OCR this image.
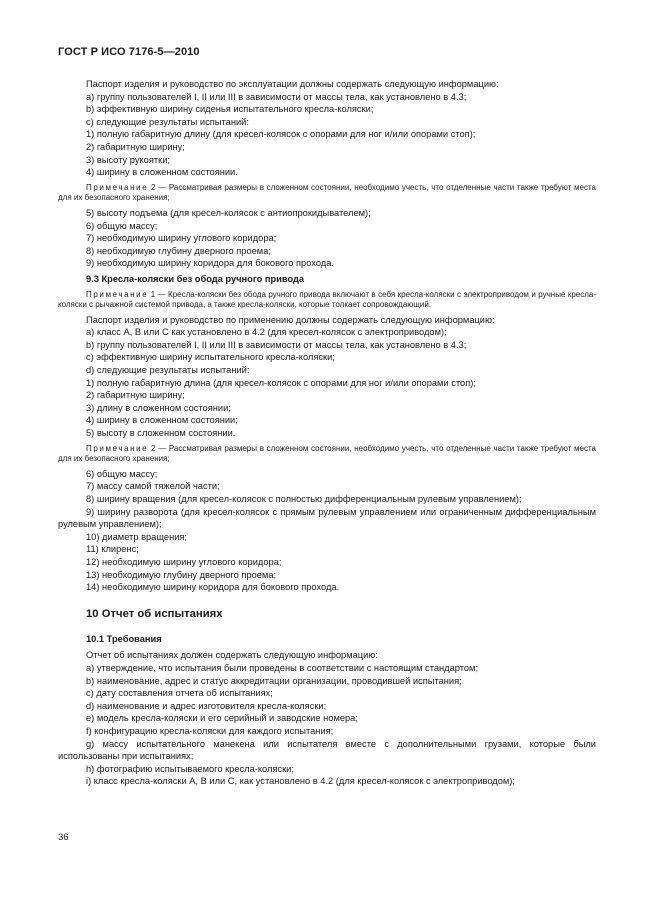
ГОСТ Р ИСО 7176-5—2010

Паспорт изделия и руководство по эксплуатации должны содержать следующую информацию:

a) группу пользователей I, II или III в зависимости от массы тела, как установлено в 4.3;

b) эффективную ширину сиденья испытательного кресла-коляски;

c) следующие результаты испытаний:

1) полную габаритную длину (для кресел-колясок с опорами для ног и/или опорами стоп);

2) габаритную ширину;

3) высоту рукоятки;

4) ширину в сложенном состоянии.

Примечание 2 — Рассматривая размеры в сложенном состоянии, необходимо учесть, что отделенные части также требуют места для их безопасного хранения;

5) высоту подъема (для кресел-колясок с антиопрокидывателем);

6) общую массу;

7) необходимую ширину углового коридора;

8) необходимую глубину дверного проема;

9) необходимую ширину коридора для бокового прохода.

9.3 Кресла-коляски без обода ручного привода

Примечание 1 — Кресла-коляски без обода ручного привода включают в себя кресла-коляски с электроприводом и ручные кресла-коляски с рычажной системой привода, а также кресла-коляски, которые толкает сопровождающий.

Паспорт изделия и руководство по применению должны содержать следующую информацию:

a) класс A, B или C как установлено в 4.2 (для кресел-колясок с электроприводом);

b) группу пользователей I, II или III в зависимости от массы тела, как установлено в 4.3;

c) эффективную ширину испытательного кресла-коляски;

d) следующие результаты испытаний:

1) полную габаритную длина (для кресел-колясок с опорами для ног и/или опорами стоп);

2) габаритную ширину;

3) длину в сложенном состоянии;

4) ширину в сложенном состоянии;

5) высоту в сложенном состоянии.

Примечание 2 — Рассматривая размеры в сложенном состоянии, необходимо учесть, что отделенные части также требуют места для их безопасного хранения;

6) общую массу;

7) массу самой тяжелой части;

8) ширину вращения (для кресел-колясок с полностью дифференциальным рулевым управлением);

9) ширину разворота (для кресел-колясок с прямым рулевым управлением или ограниченным дифференциальным рулевым управлением);

10) диаметр вращения;

11) клиренс;

12) необходимую ширину углового коридора;

13) необходимую глубину дверного проема;

14) необходимую ширину коридора для бокового прохода.

10 Отчет об испытаниях
10.1 Требования

Отчет об испытаниях должен содержать следующую информацию:

a) утверждение, что испытания были проведены в соответствии с настоящим стандартом;

b) наименование, адрес и статус аккредитации организации, проводившей испытания;

c) дату составления отчета об испытаниях;

d) наименование и адрес изготовителя кресла-коляски;

e) модель кресла-коляски и его серийный и заводские номера;

f) конфигурацию кресла-коляски для каждого испытания;

g) массу испытательного манекена или испытателя вместе с дополнительными грузами, которые были использованы при испытаниях;

h) фотографию испытываемого кресла-коляски;

i) класс кресла-коляски A, B или C, как установлено в 4.2 (для кресел-колясок с электроприводом);

36
